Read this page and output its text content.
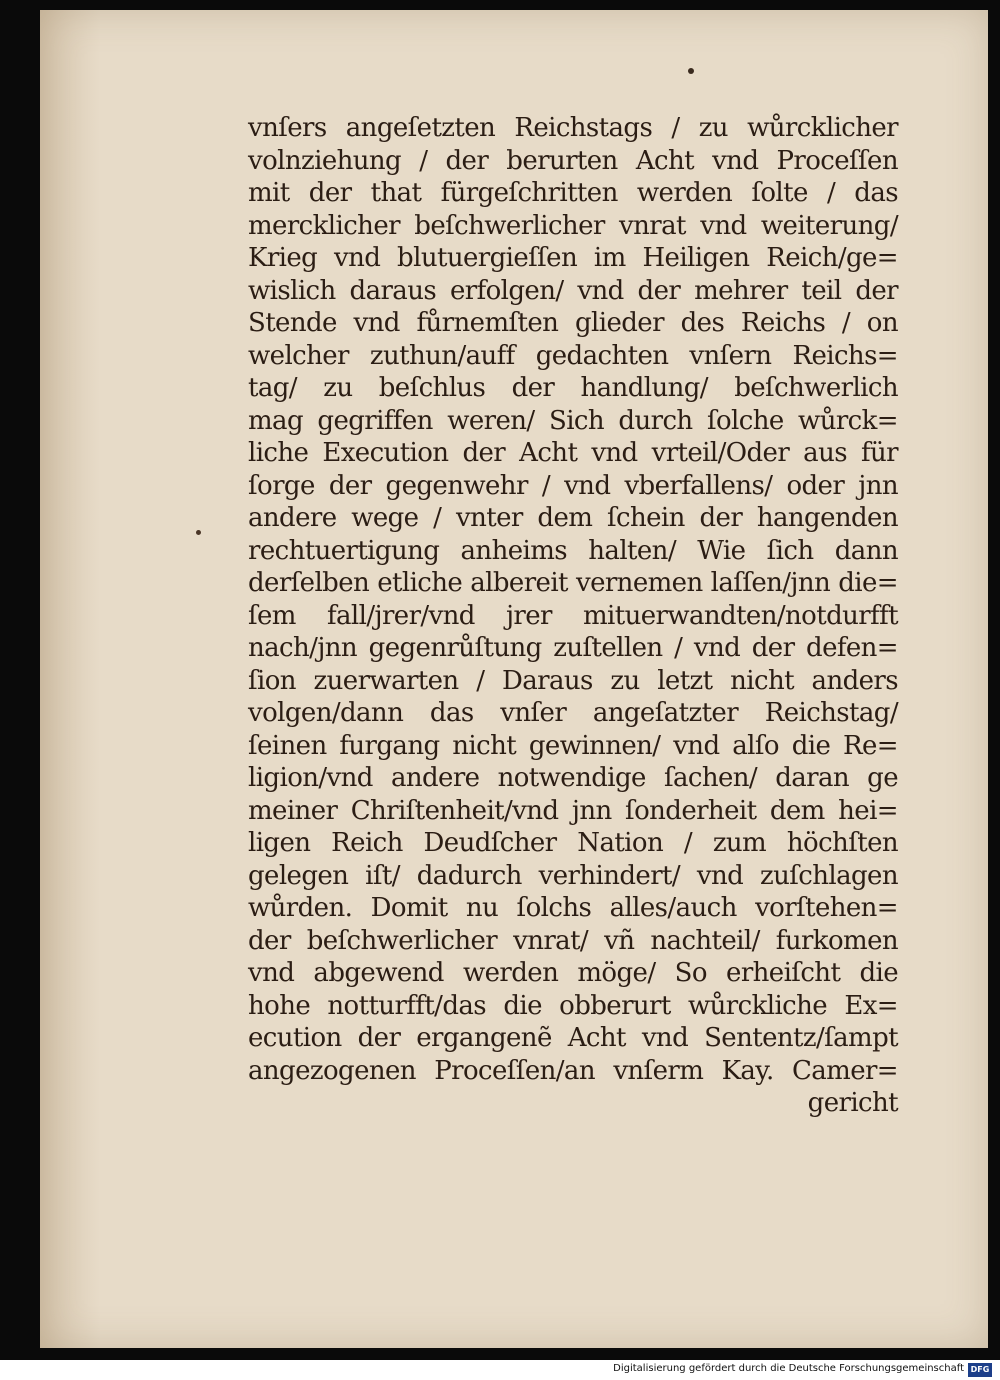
vnſers angeſetzten Reichstags / zu wůrcklicher
volnziehung / der berurten Acht vnd Proceſſen
mit der that fürgeſchritten werden ſolte / das
mercklicher beſchwerlicher vnrat vnd weiterung/
Krieg vnd blutuergieſſen im Heiligen Reich/ge=
wislich daraus erfolgen/ vnd der mehrer teil der
Stende vnd fůrnemſten glieder des Reichs / on
welcher zuthun/auff gedachten vnſern Reichs=
tag/ zu beſchlus der handlung/ beſchwerlich
mag gegriffen weren/ Sich durch ſolche wůrck=
liche Execution der Acht vnd vrteil/Oder aus für
ſorge der gegenwehr / vnd vberfallens/ oder jnn
andere wege / vnter dem ſchein der hangenden
rechtuertigung anheims halten/ Wie ſich dann
derſelben etliche albereit vernemen laſſen/jnn die=
ſem fall/jrer/vnd jrer mituerwandten/notdurfft
nach/jnn gegenrůſtung zuſtellen / vnd der defen=
ſion zuerwarten / Daraus zu letzt nicht anders
volgen/dann das vnſer angeſatzter Reichstag/
ſeinen furgang nicht gewinnen/ vnd alſo die Re=
ligion/vnd andere notwendige ſachen/ daran ge
meiner Chriſtenheit/vnd jnn ſonderheit dem hei=
ligen Reich Deudſcher Nation / zum höchſten
gelegen iſt/ dadurch verhindert/ vnd zuſchlagen
wůrden. Domit nu ſolchs alles/auch vorſtehen=
der beſchwerlicher vnrat/ vñ nachteil/ furkomen
vnd abgewend werden möge/ So erheiſcht die
hohe notturfft/das die obberurt wůrckliche Ex=
ecution der ergangenẽ Acht vnd Sententz/ſampt
angezogenen Proceſſen/an vnſerm Kay. Camer=
gericht
Digitalisierung gefördert durch die Deutsche Forschungsgemeinschaft DFG
